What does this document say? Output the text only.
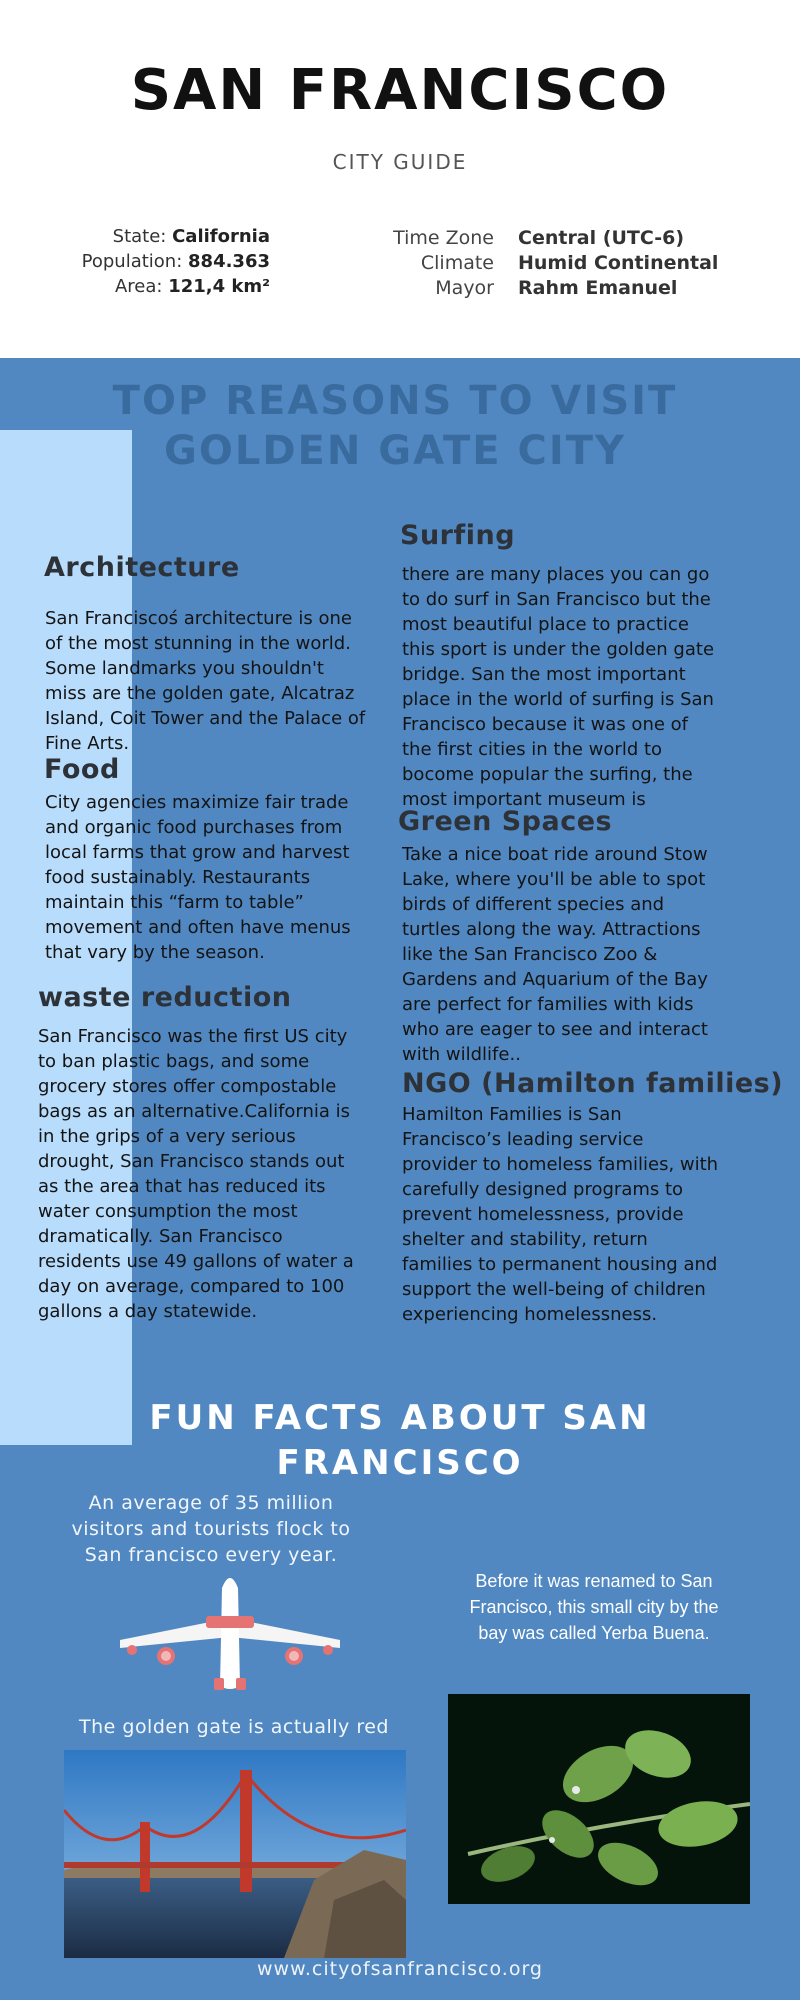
SAN FRANCISCO
CITY GUIDE
State: California
Population: 884.363
Area: 121,4 km²
Time Zone
Climate
Mayor
Central (UTC-6)
Humid Continental
Rahm Emanuel
TOP REASONS TO VISIT
GOLDEN GATE CITY
Architecture
San Franciscoś architecture is one of the most stunning in the world. Some landmarks you shouldn't miss are the golden gate, Alcatraz Island, Coit Tower and the Palace of Fine Arts.
Food
City agencies maximize fair trade and organic food purchases from local farms that grow and harvest food sustainably. Restaurants maintain this “farm to table” movement and often have menus that vary by the season.
waste reduction
San Francisco was the first US city to ban plastic bags, and some grocery stores offer compostable bags as an alternative.California is in the grips of a very serious drought, San Francisco stands out as the area that has reduced its water consumption the most dramatically. San Francisco residents use 49 gallons of water a day on average, compared to 100 gallons a day statewide.
Surfing
there are many places you can go to do surf in San Francisco but the most beautiful place to practice this sport is under the golden gate bridge. San the most important place in the world of surfing is San Francisco because it was one of the first cities in the world to bocome popular the surfing, the most important museum is
Green Spaces
Take a nice boat ride around Stow Lake, where you'll be able to spot birds of different species and turtles along the way. Attractions like the San Francisco Zoo & Gardens and Aquarium of the Bay are perfect for families with kids who are eager to see and interact with wildlife..
NGO (Hamilton families)
Hamilton Families is San Francisco’s leading service provider to homeless families, with carefully designed programs to prevent homelessness, provide shelter and stability, return families to permanent housing and support the well-being of children experiencing homelessness.
FUN FACTS ABOUT SAN
FRANCISCO
An average of 35 million visitors and tourists flock to San francisco every year.
Before it was renamed to San Francisco, this small city by the bay was called Yerba Buena.
The golden gate is actually red
www.cityofsanfrancisco.org
